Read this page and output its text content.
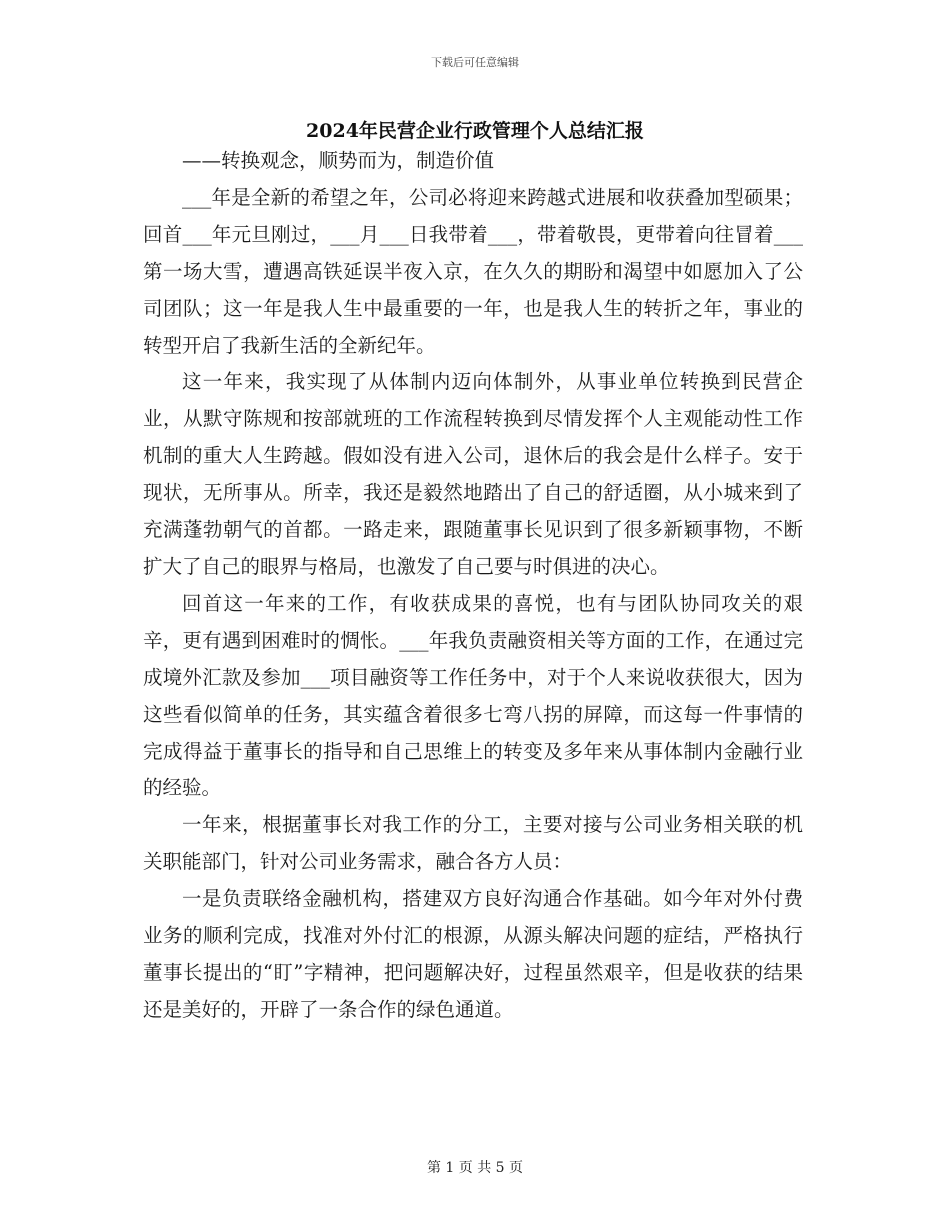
下载后可任意编辑
2024年民营企业行政管理个人总结汇报

——转换观念，顺势而为，制造价值

___年是全新的希望之年，公司必将迎来跨越式进展和收获叠加型硕果；回首___年元旦刚过，___月___日我带着___，带着敬畏，更带着向往冒着___第一场大雪，遭遇高铁延误半夜入京，在久久的期盼和渴望中如愿加入了公司团队；这一年是我人生中最重要的一年，也是我人生的转折之年，事业的转型开启了我新生活的全新纪年。

这一年来，我实现了从体制内迈向体制外，从事业单位转换到民营企业，从默守陈规和按部就班的工作流程转换到尽情发挥个人主观能动性工作机制的重大人生跨越。假如没有进入公司，退休后的我会是什么样子。安于现状，无所事从。所幸，我还是毅然地踏出了自己的舒适圈，从小城来到了充满蓬勃朝气的首都。一路走来，跟随董事长见识到了很多新颖事物，不断扩大了自己的眼界与格局，也激发了自己要与时俱进的决心。

回首这一年来的工作，有收获成果的喜悦，也有与团队协同攻关的艰辛，更有遇到困难时的惆怅。___年我负责融资相关等方面的工作，在通过完成境外汇款及参加___项目融资等工作任务中，对于个人来说收获很大，因为这些看似简单的任务，其实蕴含着很多七弯八拐的屏障，而这每一件事情的完成得益于董事长的指导和自己思维上的转变及多年来从事体制内金融行业的经验。

一年来，根据董事长对我工作的分工，主要对接与公司业务相关联的机关职能部门，针对公司业务需求，融合各方人员：

一是负责联络金融机构，搭建双方良好沟通合作基础。如今年对外付费业务的顺利完成，找准对外付汇的根源，从源头解决问题的症结，严格执行董事长提出的“盯”字精神，把问题解决好，过程虽然艰辛，但是收获的结果还是美好的，开辟了一条合作的绿色通道。

第 1 页 共 5 页
